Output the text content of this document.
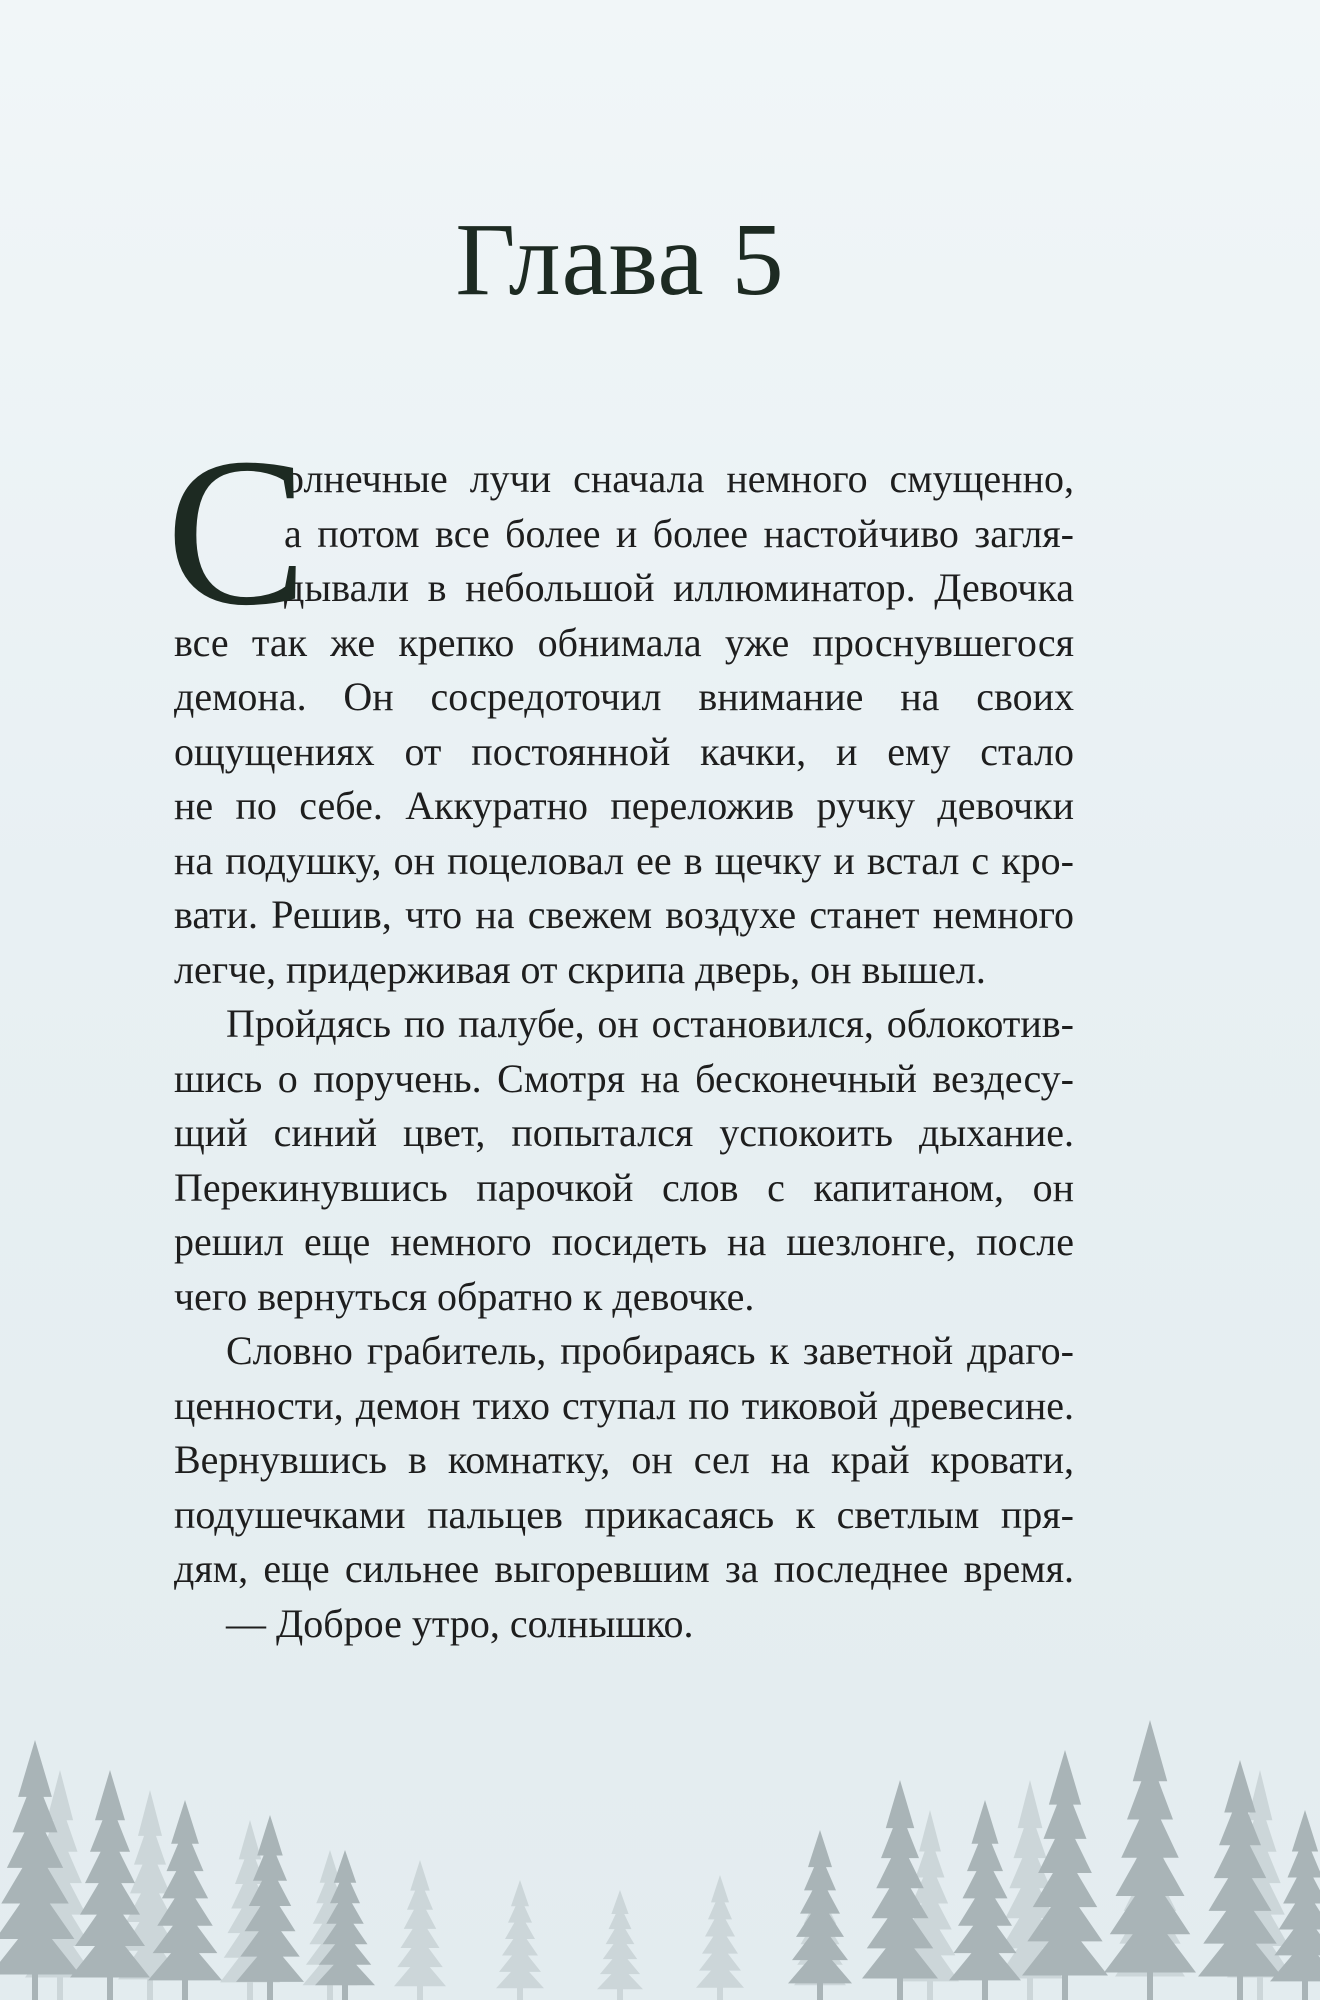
Глава 5
С
олнечные лучи сначала немного смущенно,
а потом все более и более настойчиво загля-
дывали в небольшой иллюминатор. Девочка
все так же крепко обнимала уже проснувшегося
демона. Он сосредоточил внимание на своих
ощущениях от постоянной качки, и ему стало
не по себе. Аккуратно переложив ручку девочки
на подушку, он поцеловал ее в щечку и встал с кро-
вати. Решив, что на свежем воздухе станет немного
легче, придерживая от скрипа дверь, он вышел.
Пройдясь по палубе, он остановился, облокотив-
шись о поручень. Смотря на бесконечный вездесу-
щий синий цвет, попытался успокоить дыхание.
Перекинувшись парочкой слов с капитаном, он
решил еще немного посидеть на шезлонге, после
чего вернуться обратно к девочке.
Словно грабитель, пробираясь к заветной драго-
ценности, демон тихо ступал по тиковой древесине.
Вернувшись в комнатку, он сел на край кровати,
подушечками пальцев прикасаясь к светлым пря-
дям, еще сильнее выгоревшим за последнее время.
— Доброе утро, солнышко.
